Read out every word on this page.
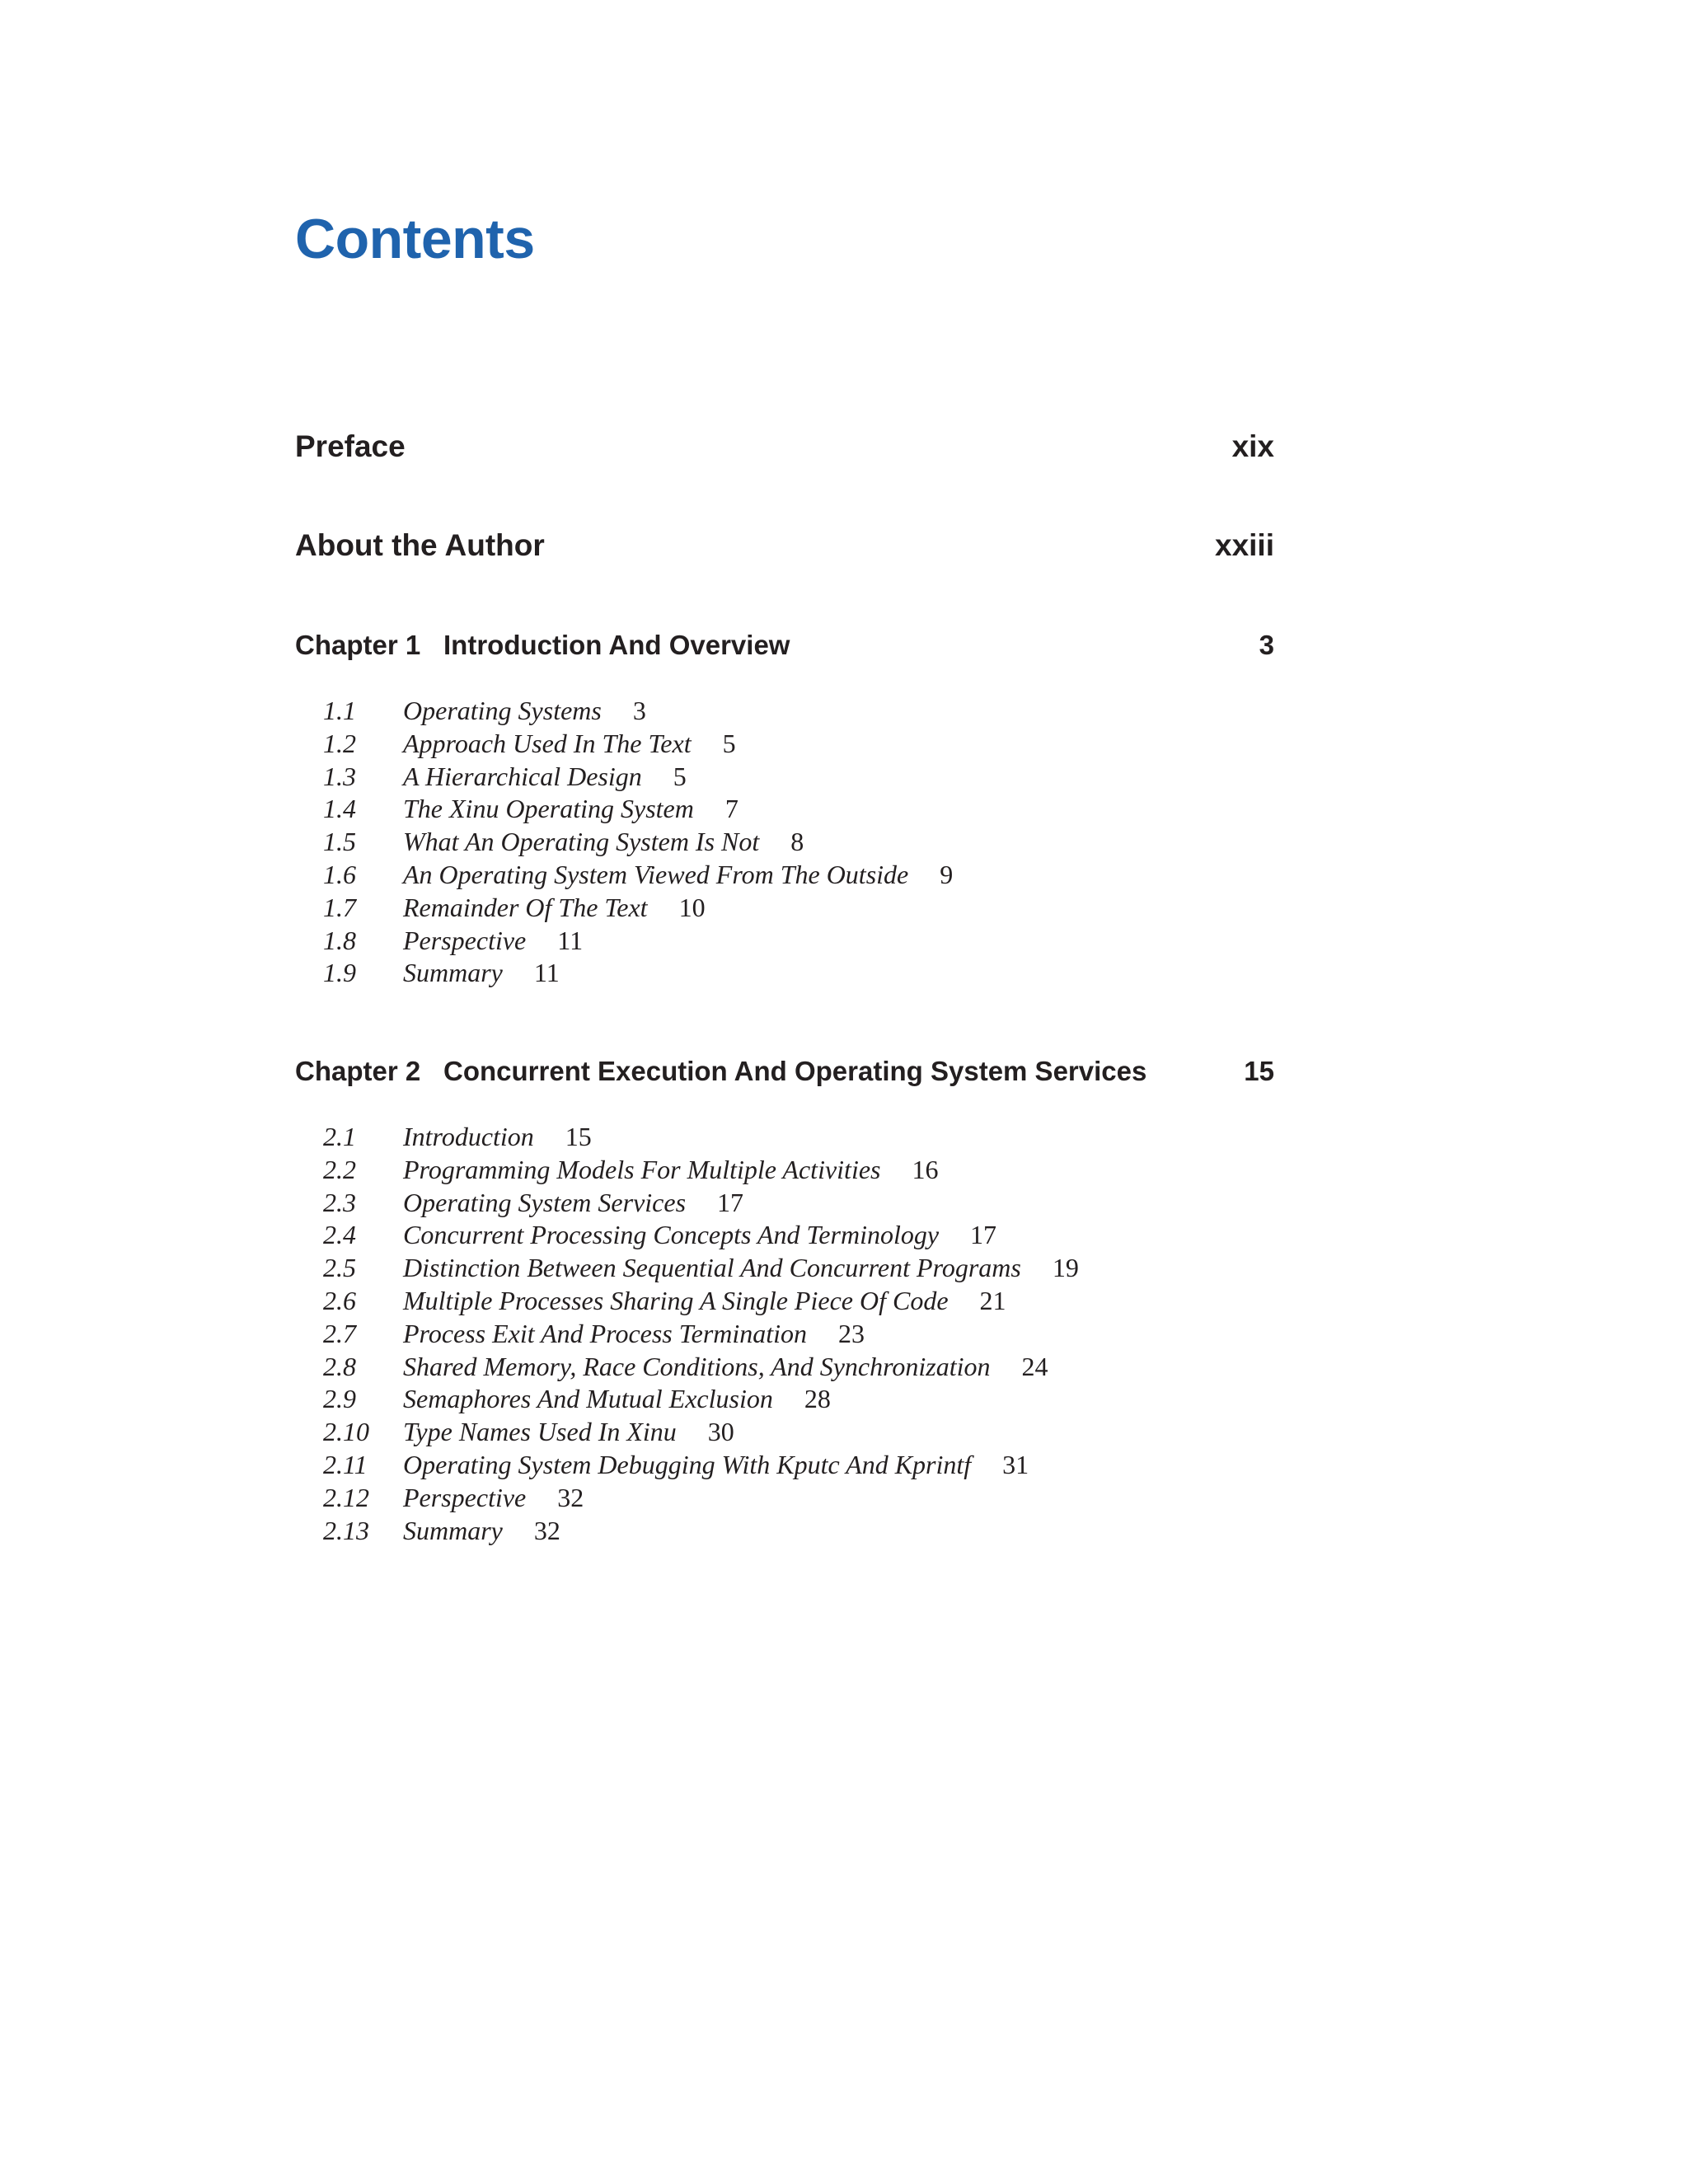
Contents
Preface	xix
About the Author	xxiii
Chapter 1 Introduction And Overview	3
1.1 Operating Systems 3
1.2 Approach Used In The Text 5
1.3 A Hierarchical Design 5
1.4 The Xinu Operating System 7
1.5 What An Operating System Is Not 8
1.6 An Operating System Viewed From The Outside 9
1.7 Remainder Of The Text 10
1.8 Perspective 11
1.9 Summary 11
Chapter 2 Concurrent Execution And Operating System Services	15
2.1 Introduction 15
2.2 Programming Models For Multiple Activities 16
2.3 Operating System Services 17
2.4 Concurrent Processing Concepts And Terminology 17
2.5 Distinction Between Sequential And Concurrent Programs 19
2.6 Multiple Processes Sharing A Single Piece Of Code 21
2.7 Process Exit And Process Termination 23
2.8 Shared Memory, Race Conditions, And Synchronization 24
2.9 Semaphores And Mutual Exclusion 28
2.10 Type Names Used In Xinu 30
2.11 Operating System Debugging With Kputc And Kprintf 31
2.12 Perspective 32
2.13 Summary 32
